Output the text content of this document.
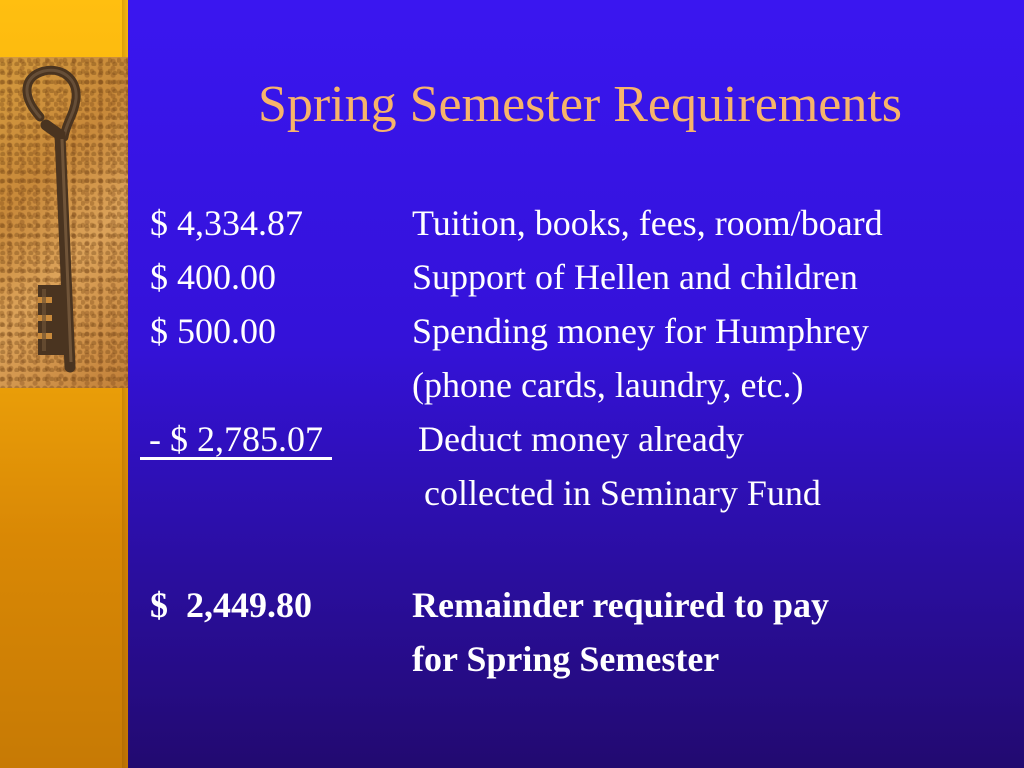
Spring Semester Requirements
$ 4,334.87	Tuition, books, fees, room/board
$ 400.00	Support of Hellen and children
$ 500.00	Spending money for Humphrey
(phone cards, laundry, etc.)
- $ 2,785.07 Deduct money already
collected in Seminary Fund
$  2,449.80	Remainder required to pay
for Spring Semester
